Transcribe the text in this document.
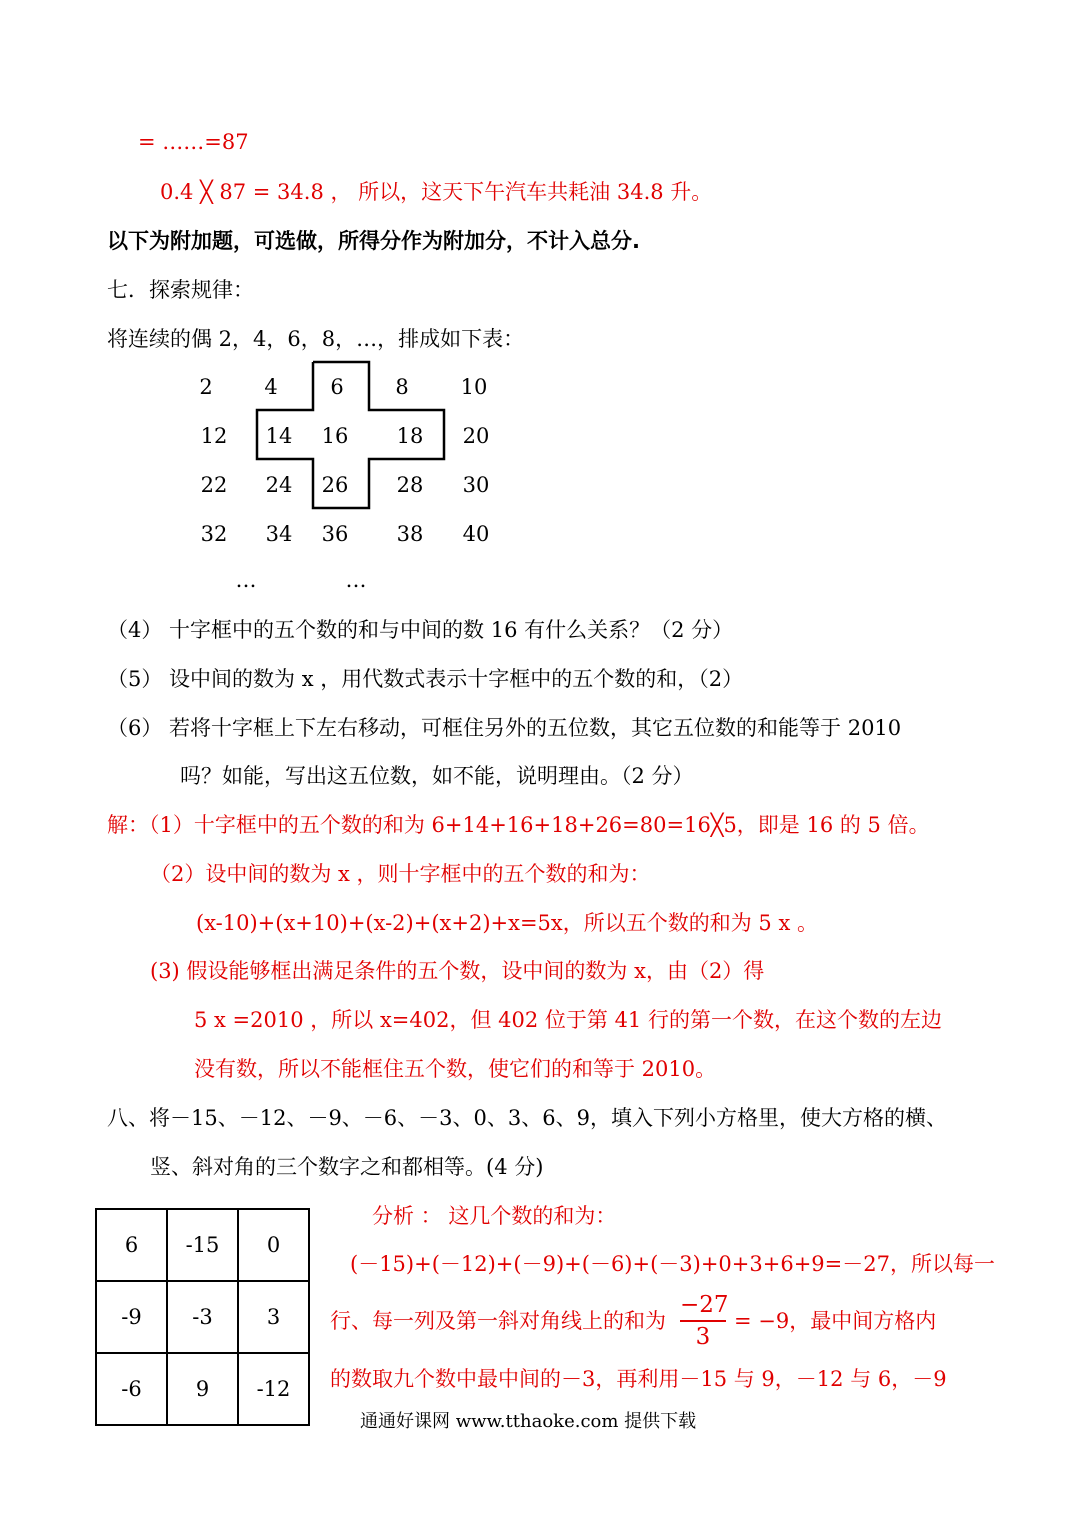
= ……=87
0.4 ╳ 87 = 34.8 ， 所以，这天下午汽车共耗油 34.8 升。
以下为附加题，可选做，所得分作为附加分，不计入总分.
七．探索规律：
将连续的偶 2，4，6，8，…，排成如下表：
2	4	6	8	10
12	14	16	18	20
22	24	26	28	30
32	34	36	38	40
…	…
（4） 十字框中的五个数的和与中间的数 16 有什么关系？（2 分）
（5） 设中间的数为 x ，用代数式表示十字框中的五个数的和，（2）
（6） 若将十字框上下左右移动，可框住另外的五位数，其它五位数的和能等于 2010
吗？如能，写出这五位数，如不能，说明理由。（2 分）
解：（1）十字框中的五个数的和为 6+14+16+18+26=80=16╳5，即是 16 的 5 倍。
（2）设中间的数为 x ，则十字框中的五个数的和为：
(x-10)+(x+10)+(x-2)+(x+2)+x=5x，所以五个数的和为 5 x 。
(3) 假设能够框出满足条件的五个数，设中间的数为 x，由（2）得
5 x =2010 ，所以 x=402，但 402 位于第 41 行的第一个数，在这个数的左边
没有数，所以不能框住五个数，使它们的和等于 2010。
八、将－15、－12、－9、－6、－3、0、3、6、9，填入下列小方格里，使大方格的横、
竖、斜对角的三个数字之和都相等。(4 分)
6	-15	0
-9	-3	3
-6	9	-12
分析 ： 这几个数的和为：
(－15)+(－12)+(－9)+(－6)+(－3)+0+3+6+9=－27，所以每一
行、每一列及第一斜对角线上的和为
−27
3
= −9，最中间方格内
的数取九个数中最中间的－3，再利用－15 与 9，－12 与 6，－9
通通好课网 www.tthaoke.com 提供下载
